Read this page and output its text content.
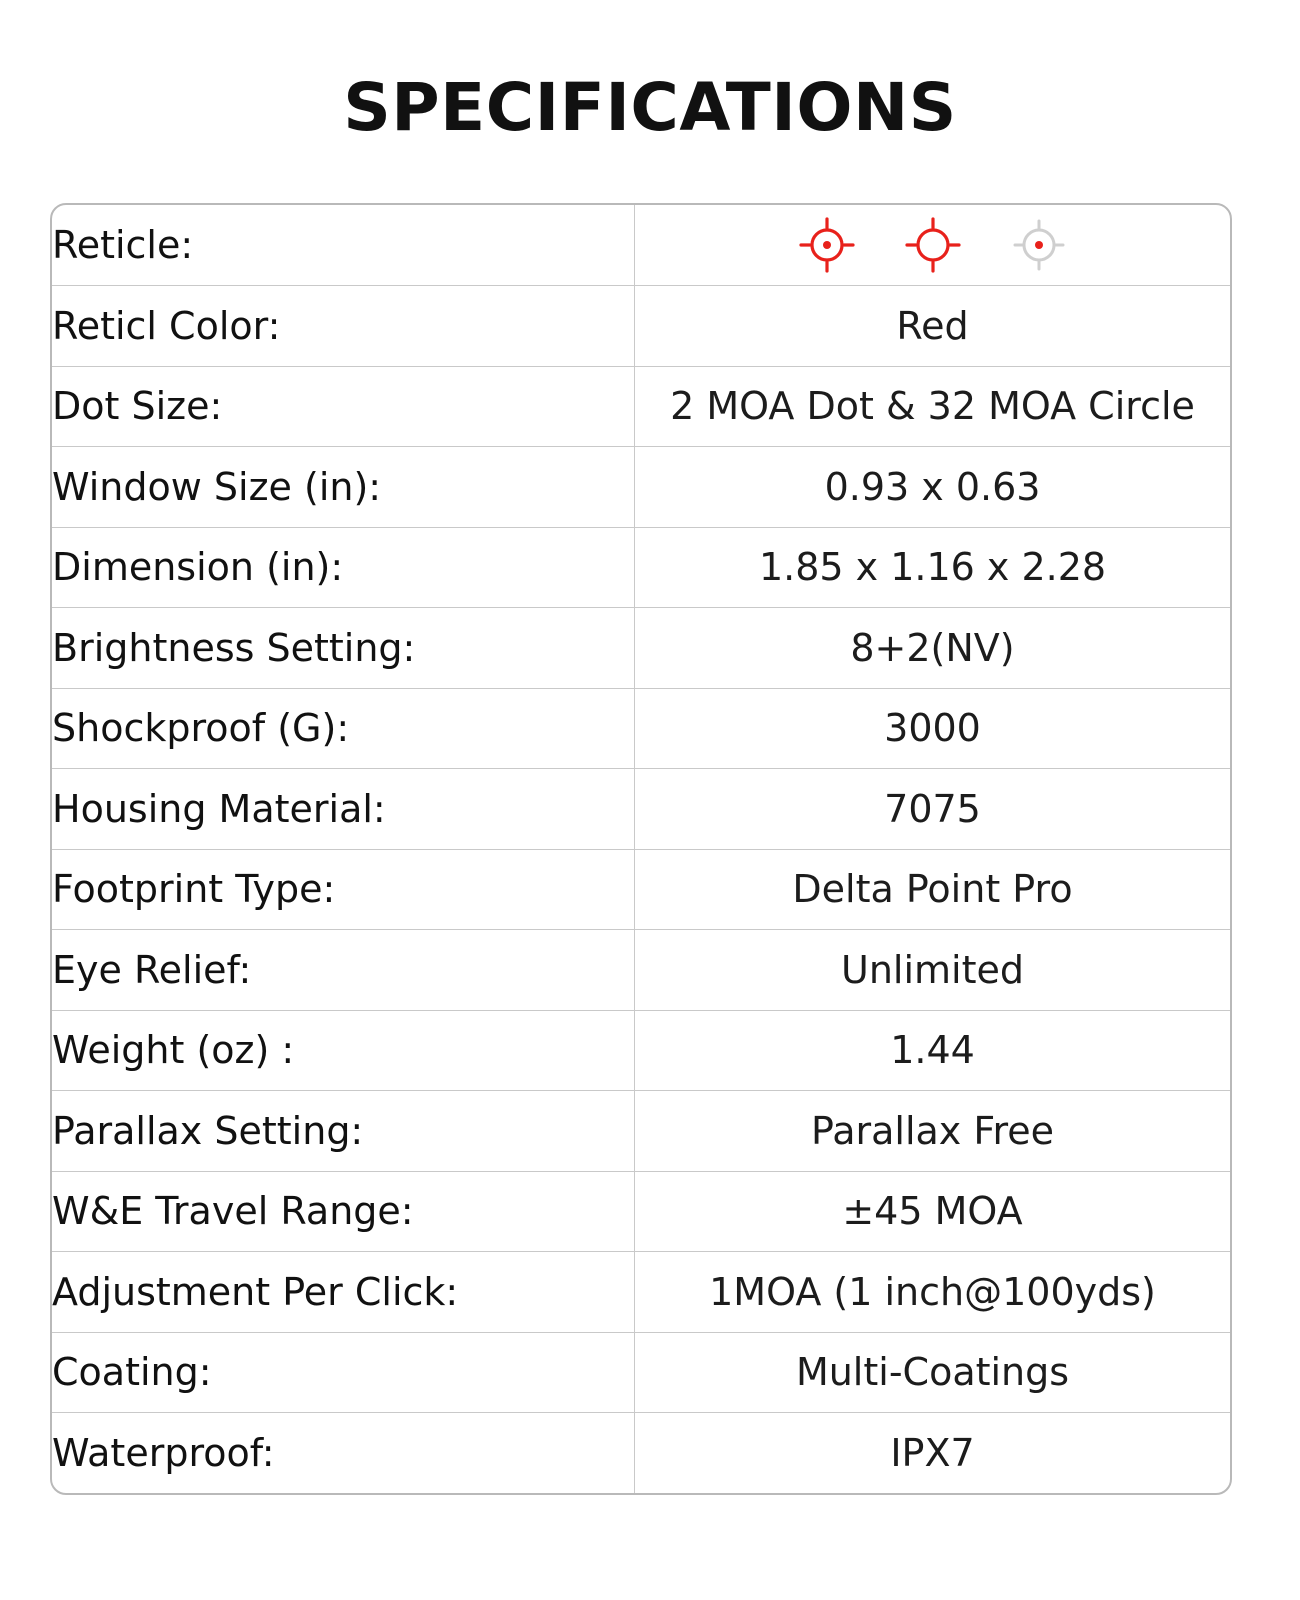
SPECIFICATIONS
Reticle:	

Reticl Color:	Red
Dot Size:	2 MOA Dot & 32 MOA Circle
Window Size (in):	0.93 x 0.63
Dimension (in):	1.85 x 1.16 x 2.28
Brightness Setting:	8+2(NV)
Shockproof (G):	3000
Housing Material:	7075
Footprint Type:	Delta Point Pro
Eye Relief:	Unlimited
Weight (oz) :	1.44
Parallax Setting:	Parallax Free
W&E Travel Range:	±45 MOA
Adjustment Per Click:	1MOA (1 inch@100yds)
Coating:	Multi-Coatings
Waterproof:	IPX7
